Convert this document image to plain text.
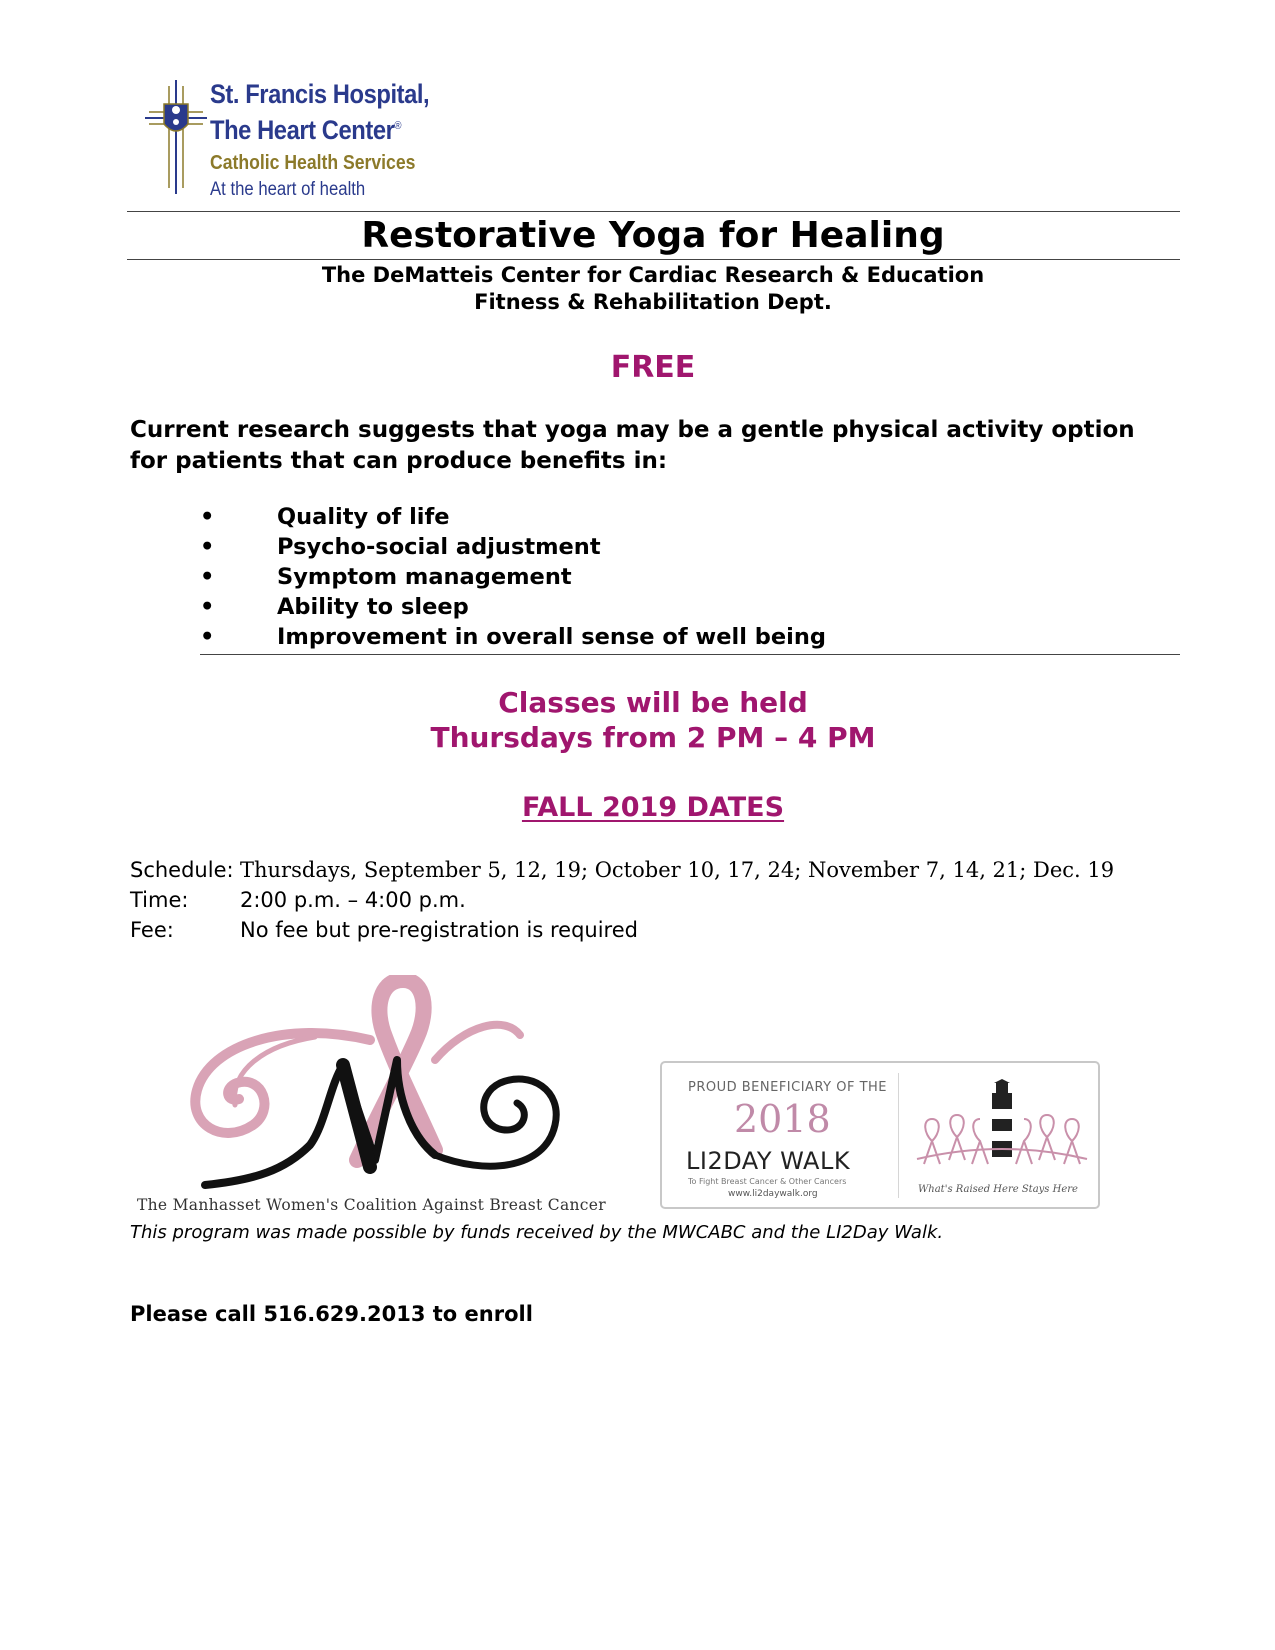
St. Francis Hospital,
The Heart Center®
Catholic Health Services
At the heart of health
Restorative Yoga for Healing
The DeMatteis Center for Cardiac Research & Education
Fitness & Rehabilitation Dept.
FREE
Current research suggests that yoga may be a gentle physical activity option for patients that can produce benefits in:
•	Quality of life
•	Psycho-social adjustment
•	Symptom management
•	Ability to sleep
•	Improvement in overall sense of well being
Classes will be held
Thursdays from 2 PM – 4 PM
FALL 2019 DATES
Schedule: Thursdays, September 5, 12, 19; October 10, 17, 24; November 7, 14, 21; Dec. 19
Time: 2:00 p.m. – 4:00 p.m.
Fee:	No fee but pre-registration is required
The Manhasset Women's Coalition Against Breast Cancer
PROUD BENEFICIARY OF THE
2018
LI2DAY WALK
To Fight Breast Cancer & Other Cancers
www.li2daywalk.org	What's Raised Here Stays Here
This program was made possible by funds received by the MWCABC and the LI2Day Walk.
Please call 516.629.2013 to enroll
